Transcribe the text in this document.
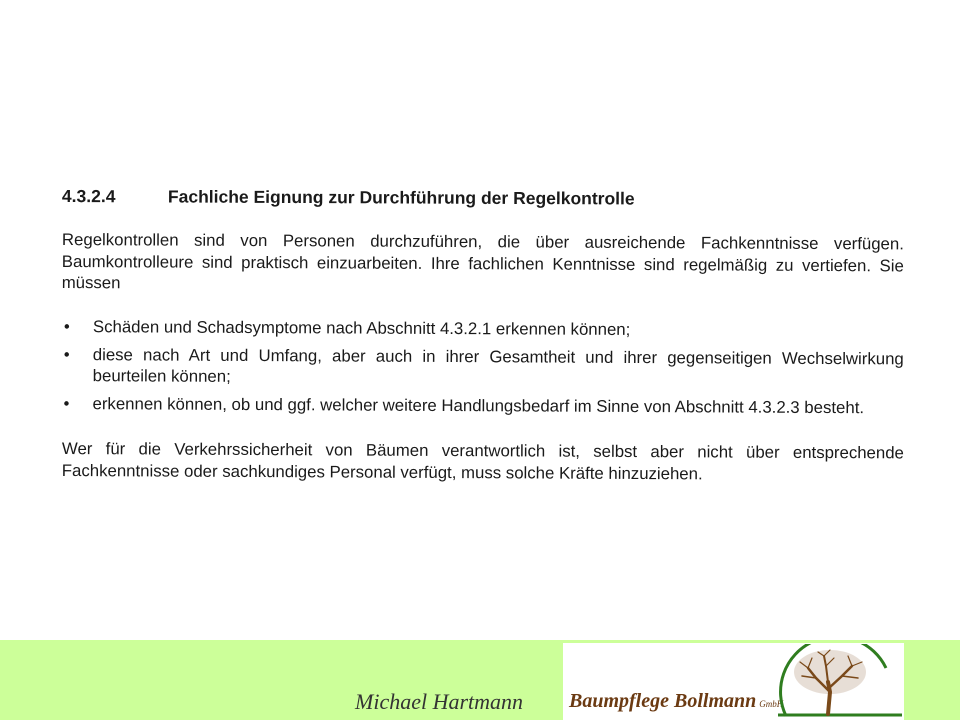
4.3.2.4	Fachliche Eignung zur Durchführung der Regelkontrolle
Regelkontrollen sind von Personen durchzuführen, die über ausreichende Fachkenntnisse verfügen. Baumkontrolleure sind praktisch einzuarbeiten. Ihre fachlichen Kenntnisse sind regelmäßig zu vertiefen. Sie müssen
• Schäden und Schadsymptome nach Abschnitt 4.3.2.1 erkennen können;
• diese nach Art und Umfang, aber auch in ihrer Gesamtheit und ihrer gegenseitigen Wechselwirkung beurteilen können;
• erkennen können, ob und ggf. welcher weitere Handlungsbedarf im Sinne von Abschnitt 4.3.2.3 besteht.
Wer für die Verkehrssicherheit von Bäumen verantwortlich ist, selbst aber nicht über entsprechende Fachkenntnisse oder sachkundiges Personal verfügt, muss solche Kräfte hinzuziehen.
Michael Hartmann Baumpflege Bollmann GmbH
